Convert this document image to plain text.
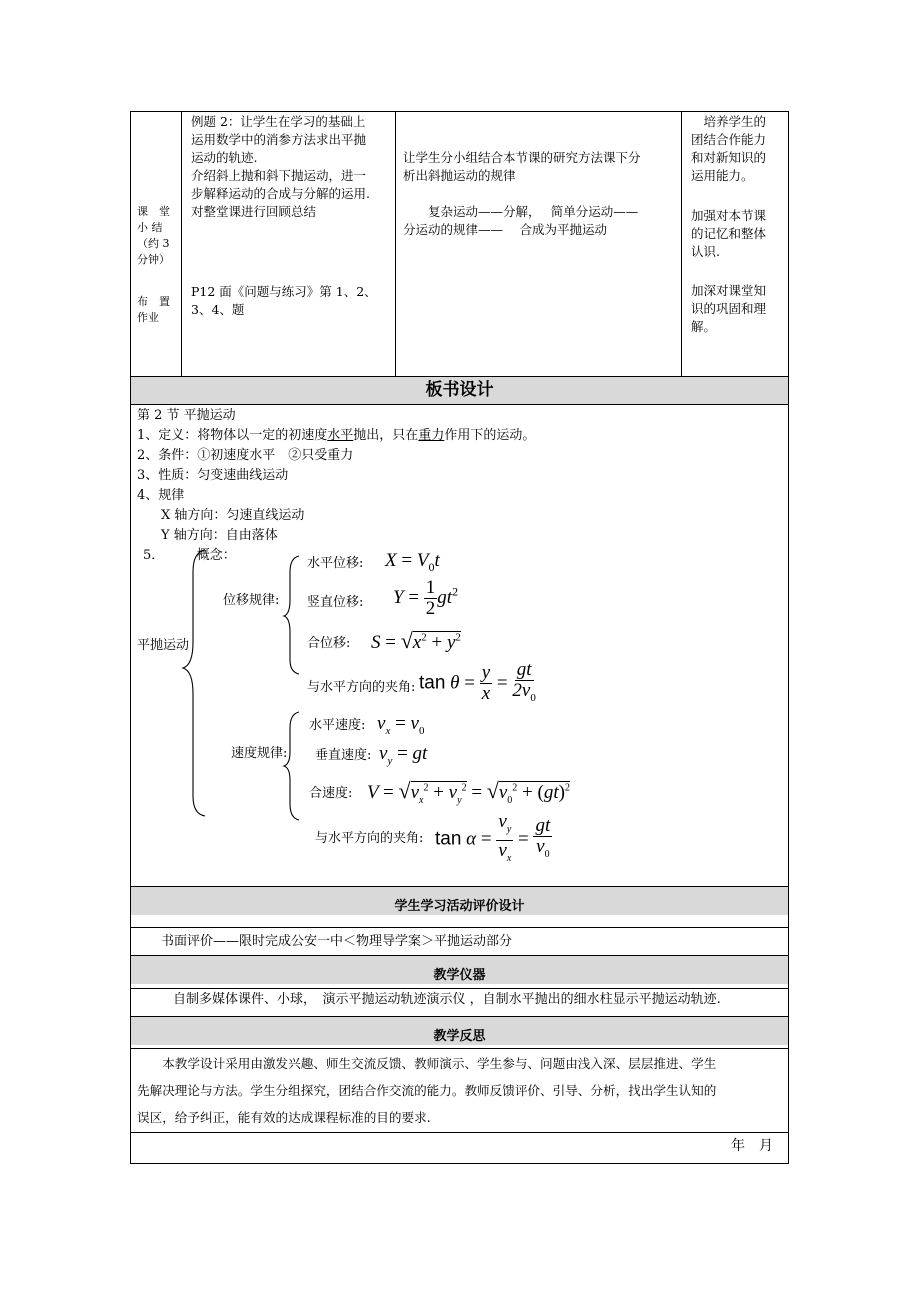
课　堂
小 结
（约 3
分钟）
布　置
作业
例题 2：让学生在学习的基础上
运用数学中的消参方法求出平抛
运动的轨迹.
介绍斜上抛和斜下抛运动，进一
步解释运动的合成与分解的运用.
对整堂课进行回顾总结
P12 面《问题与练习》第 1、2、
3、4、题
让学生分小组结合本节课的研究方法课下分
析出斜抛运动的规律
　　复杂运动——分解，　 简单分运动——
分运动的规律——　 合成为平抛运动
　培养学生的
团结合作能力
和对新知识的
运用能力。
加强对本节课
的记忆和整体
认识.
加深对课堂知
识的巩固和理
解。
板书设计
第 2 节 平抛运动
1、定义：将物体以一定的初速度水平抛出，只在重力作用下的运动。
2、条件：①初速度水平　②只受重力
3、性质：匀变速曲线运动
4、规律
X 轴方向：匀速直线运动
Y 轴方向：自由落体
5．　　　概念：
平抛运动
位移规律:
速度规律:
水平位移: $X = V_0t$
竖直位移: $Y = \frac{1}{2} gt^2$
合位移: $S = √x^2 + y^2$
与水平方向的夹角: $\tan \theta = \frac{y}{x} = \frac{gt}{2v_0}$
水平速度: $v_x = v_0$
垂直速度: $v_y$ = gt
合速度: $V = √v_x^2 + v_y^2 = √v_0^2 + (gt)^2$
与水平方向的夹角: $\tan \alpha = \frac{v_y}{v_x} = \frac{gt}{v_0}$
学生学习活动评价设计
书面评价——限时完成公安一中＜物理导学案＞平抛运动部分
教学仪器
自制多媒体课件、小球，　演示平抛运动轨迹演示仪 ，自制水平抛出的细水柱显示平抛运动轨迹.
教学反思
　　本教学设计采用由激发兴趣、师生交流反馈、教师演示、学生参与、问题由浅入深、层层推进、学生
先解决理论与方法。学生分组探究，团结合作交流的能力。教师反馈评价、引导、分析，找出学生认知的
误区，给予纠正，能有效的达成课程标准的目的要求.
年　月
